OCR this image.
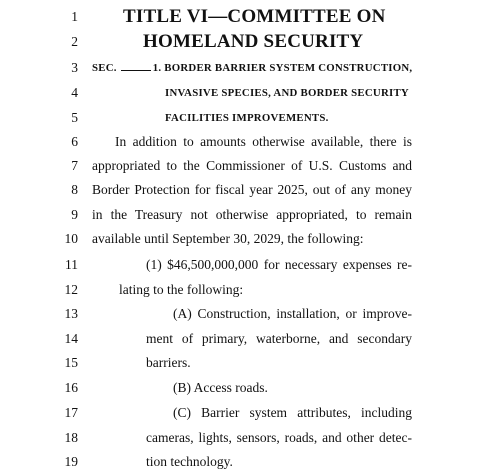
1 TITLE VI—COMMITTEE ON
2	HOMELAND SECURITY
3 SEC.	1. BORDER BARRIER SYSTEM CONSTRUCTION,
4	INVASIVE SPECIES, AND BORDER SECURITY
5	FACILITIES IMPROVEMENTS.
6	In addition to amounts otherwise available, there is
7 appropriated to the Commissioner of U.S. Customs and
8 Border Protection for fiscal year 2025, out of any money
9 in the Treasury not otherwise appropriated, to remain
10 available until September 30, 2029, the following:
11	(1) $46,500,000,000 for necessary expenses re-
12	lating to the following:
13	(A) Construction, installation, or improve-
14	ment of primary, waterborne, and secondary
15	barriers.
16	(B) Access roads.
17	(C) Barrier system attributes, including
18	cameras, lights, sensors, roads, and other detec-
19	tion technology.
